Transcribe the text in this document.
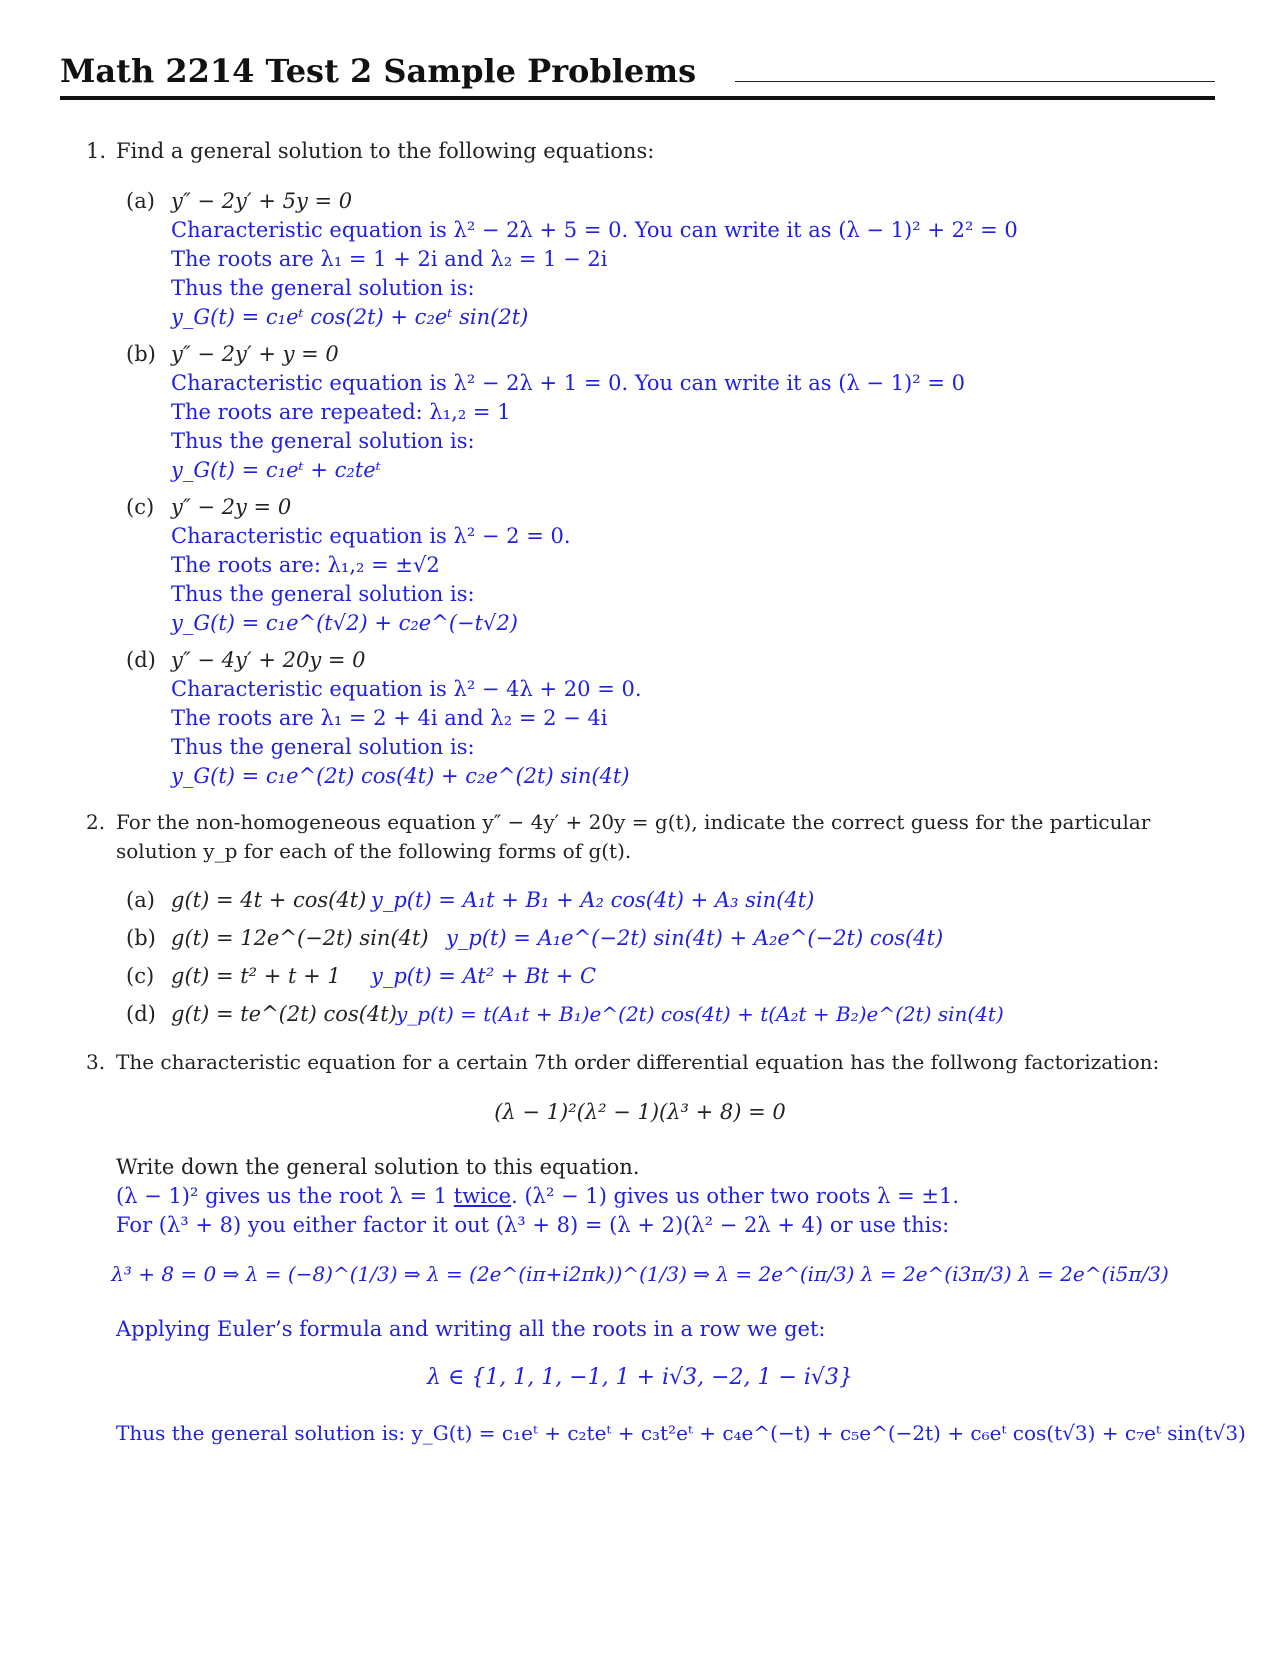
Math 2214 Test 2 Sample Problems
1. Find a general solution to the following equations:
(a) y″ − 2y′ + 5y = 0
Characteristic equation is λ² − 2λ + 5 = 0. You can write it as (λ − 1)² + 2² = 0
The roots are λ₁ = 1 + 2i and λ₂ = 1 − 2i
Thus the general solution is:
y_G(t) = c₁eᵗ cos(2t) + c₂eᵗ sin(2t)
(b) y″ − 2y′ + y = 0
Characteristic equation is λ² − 2λ + 1 = 0. You can write it as (λ − 1)² = 0
The roots are repeated: λ₁,₂ = 1
Thus the general solution is:
y_G(t) = c₁eᵗ + c₂teᵗ
(c) y″ − 2y = 0
Characteristic equation is λ² − 2 = 0.
The roots are: λ₁,₂ = ±√2
Thus the general solution is:
y_G(t) = c₁e^(t√2) + c₂e^(−t√2)
(d) y″ − 4y′ + 20y = 0
Characteristic equation is λ² − 4λ + 20 = 0.
The roots are λ₁ = 2 + 4i and λ₂ = 2 − 4i
Thus the general solution is:
y_G(t) = c₁e^(2t) cos(4t) + c₂e^(2t) sin(4t)
2. For the non-homogeneous equation y″ − 4y′ + 20y = g(t), indicate the correct guess for the particular
solution y_p for each of the following forms of g(t).
(a) g(t) = 4t + cos(4t) y_p(t) = A₁t + B₁ + A₂ cos(4t) + A₃ sin(4t)
(b) g(t) = 12e^(−2t) sin(4t) y_p(t) = A₁e^(−2t) sin(4t) + A₂e^(−2t) cos(4t)
(c) g(t) = t² + t + 1 y_p(t) = At² + Bt + C
(d) g(t) = te^(2t) cos(4t) y_p(t) = t(A₁t + B₁)e^(2t) cos(4t) + t(A₂t + B₂)e^(2t) sin(4t)
3. The characteristic equation for a certain 7th order differential equation has the follwong factorization:
(λ − 1)²(λ² − 1)(λ³ + 8) = 0
Write down the general solution to this equation.
(λ − 1)² gives us the root λ = 1 twice. (λ² − 1) gives us other two roots λ = ±1.
For (λ³ + 8) you either factor it out (λ³ + 8) = (λ + 2)(λ² − 2λ + 4) or use this:
λ³ + 8 = 0 ⇒ λ = (−8)^(1/3) ⇒ λ = (2e^(iπ+i2πk))^(1/3) ⇒ λ = 2e^(iπ/3) λ = 2e^(i3π/3) λ = 2e^(i5π/3)
Applying Euler’s formula and writing all the roots in a row we get:
λ ∈ {1, 1, 1, −1, 1 + i√3, −2, 1 − i√3}
Thus the general solution is: y_G(t) = c₁eᵗ + c₂teᵗ + c₃t²eᵗ + c₄e^(−t) + c₅e^(−2t) + c₆eᵗ cos(t√3) + c₇eᵗ sin(t√3)
